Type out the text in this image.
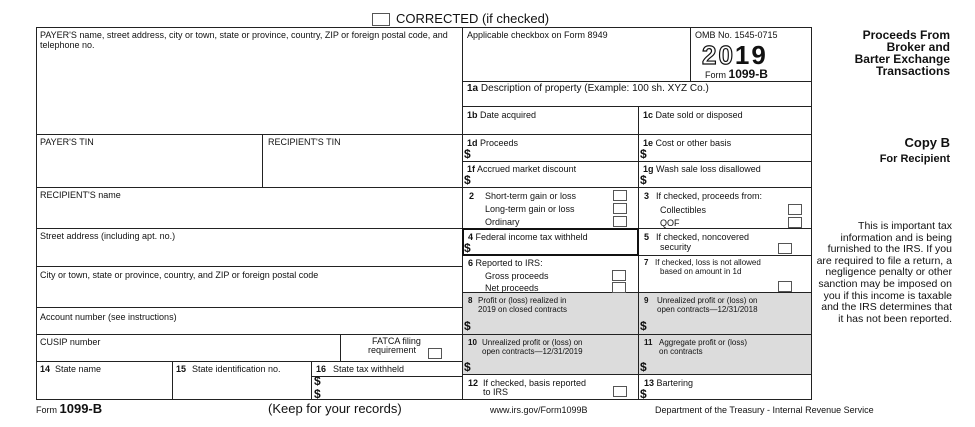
CORRECTED (if checked)
PAYER'S name, street address, city or town, state or province, country, ZIP or foreign postal code, and telephone no.
PAYER'S TIN	RECIPIENT'S TIN
RECIPIENT'S name
Street address (including apt. no.)
City or town, state or province, country, and ZIP or foreign postal code
Account number (see instructions)
CUSIP number	FATCA filing
requirement
14 State name	15 State identification no.	16 State tax withheld
$
$
Applicable checkbox on Form 8949	OMB No. 1545-0715
2019
Form 1099-B
1a Description of property (Example: 100 sh. XYZ Co.)
1b Date acquired	1c Date sold or disposed
1d Proceeds
$
1e Cost or other basis
$
1f Accrued market discount
$
1g Wash sale loss disallowed
$
2 Short-term gain or loss
Long-term gain or loss
Ordinary
3 If checked, proceeds from:
Collectibles
QOF
4 Federal income tax withheld
$
5 If checked, noncovered
security
6 Reported to IRS:
Gross proceeds
Net proceeds
7 If checked, loss is not allowed
based on amount in 1d
8 Profit or (loss) realized in
2019 on closed contracts
$
9 Unrealized profit or (loss) on
open contracts—12/31/2018
$
10 Unrealized profit or (loss) on
open contracts—12/31/2019
$
11 Aggregate profit or (loss)
on contracts
$
12 If checked, basis reported
to IRS
13 Bartering
$
Proceeds From
Broker and
Barter Exchange
Transactions
Copy B
For Recipient
This is important tax information and is being furnished to the IRS. If you are required to file a return, a negligence penalty or other sanction may be imposed on you if this income is taxable and the IRS determines that it has not been reported.
Form 1099-B	(Keep for your records)	www.irs.gov/Form1099B	Department of the Treasury - Internal Revenue Service
